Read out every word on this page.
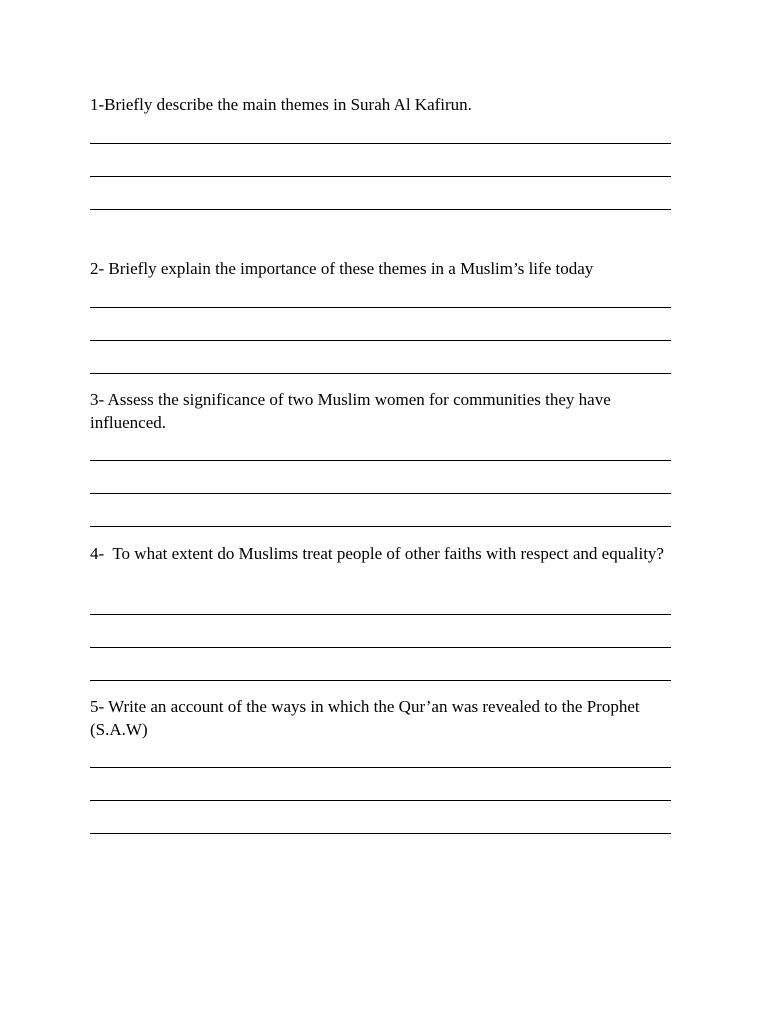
1-Briefly describe the main themes in Surah Al Kafirun.

2- Briefly explain the importance of these themes in a Muslim’s life today

3- Assess the significance of two Muslim women for communities they have influenced.

4-  To what extent do Muslims treat people of other faiths with respect and equality?

5- Write an account of the ways in which the Qur’an was revealed to the Prophet (S.A.W)
